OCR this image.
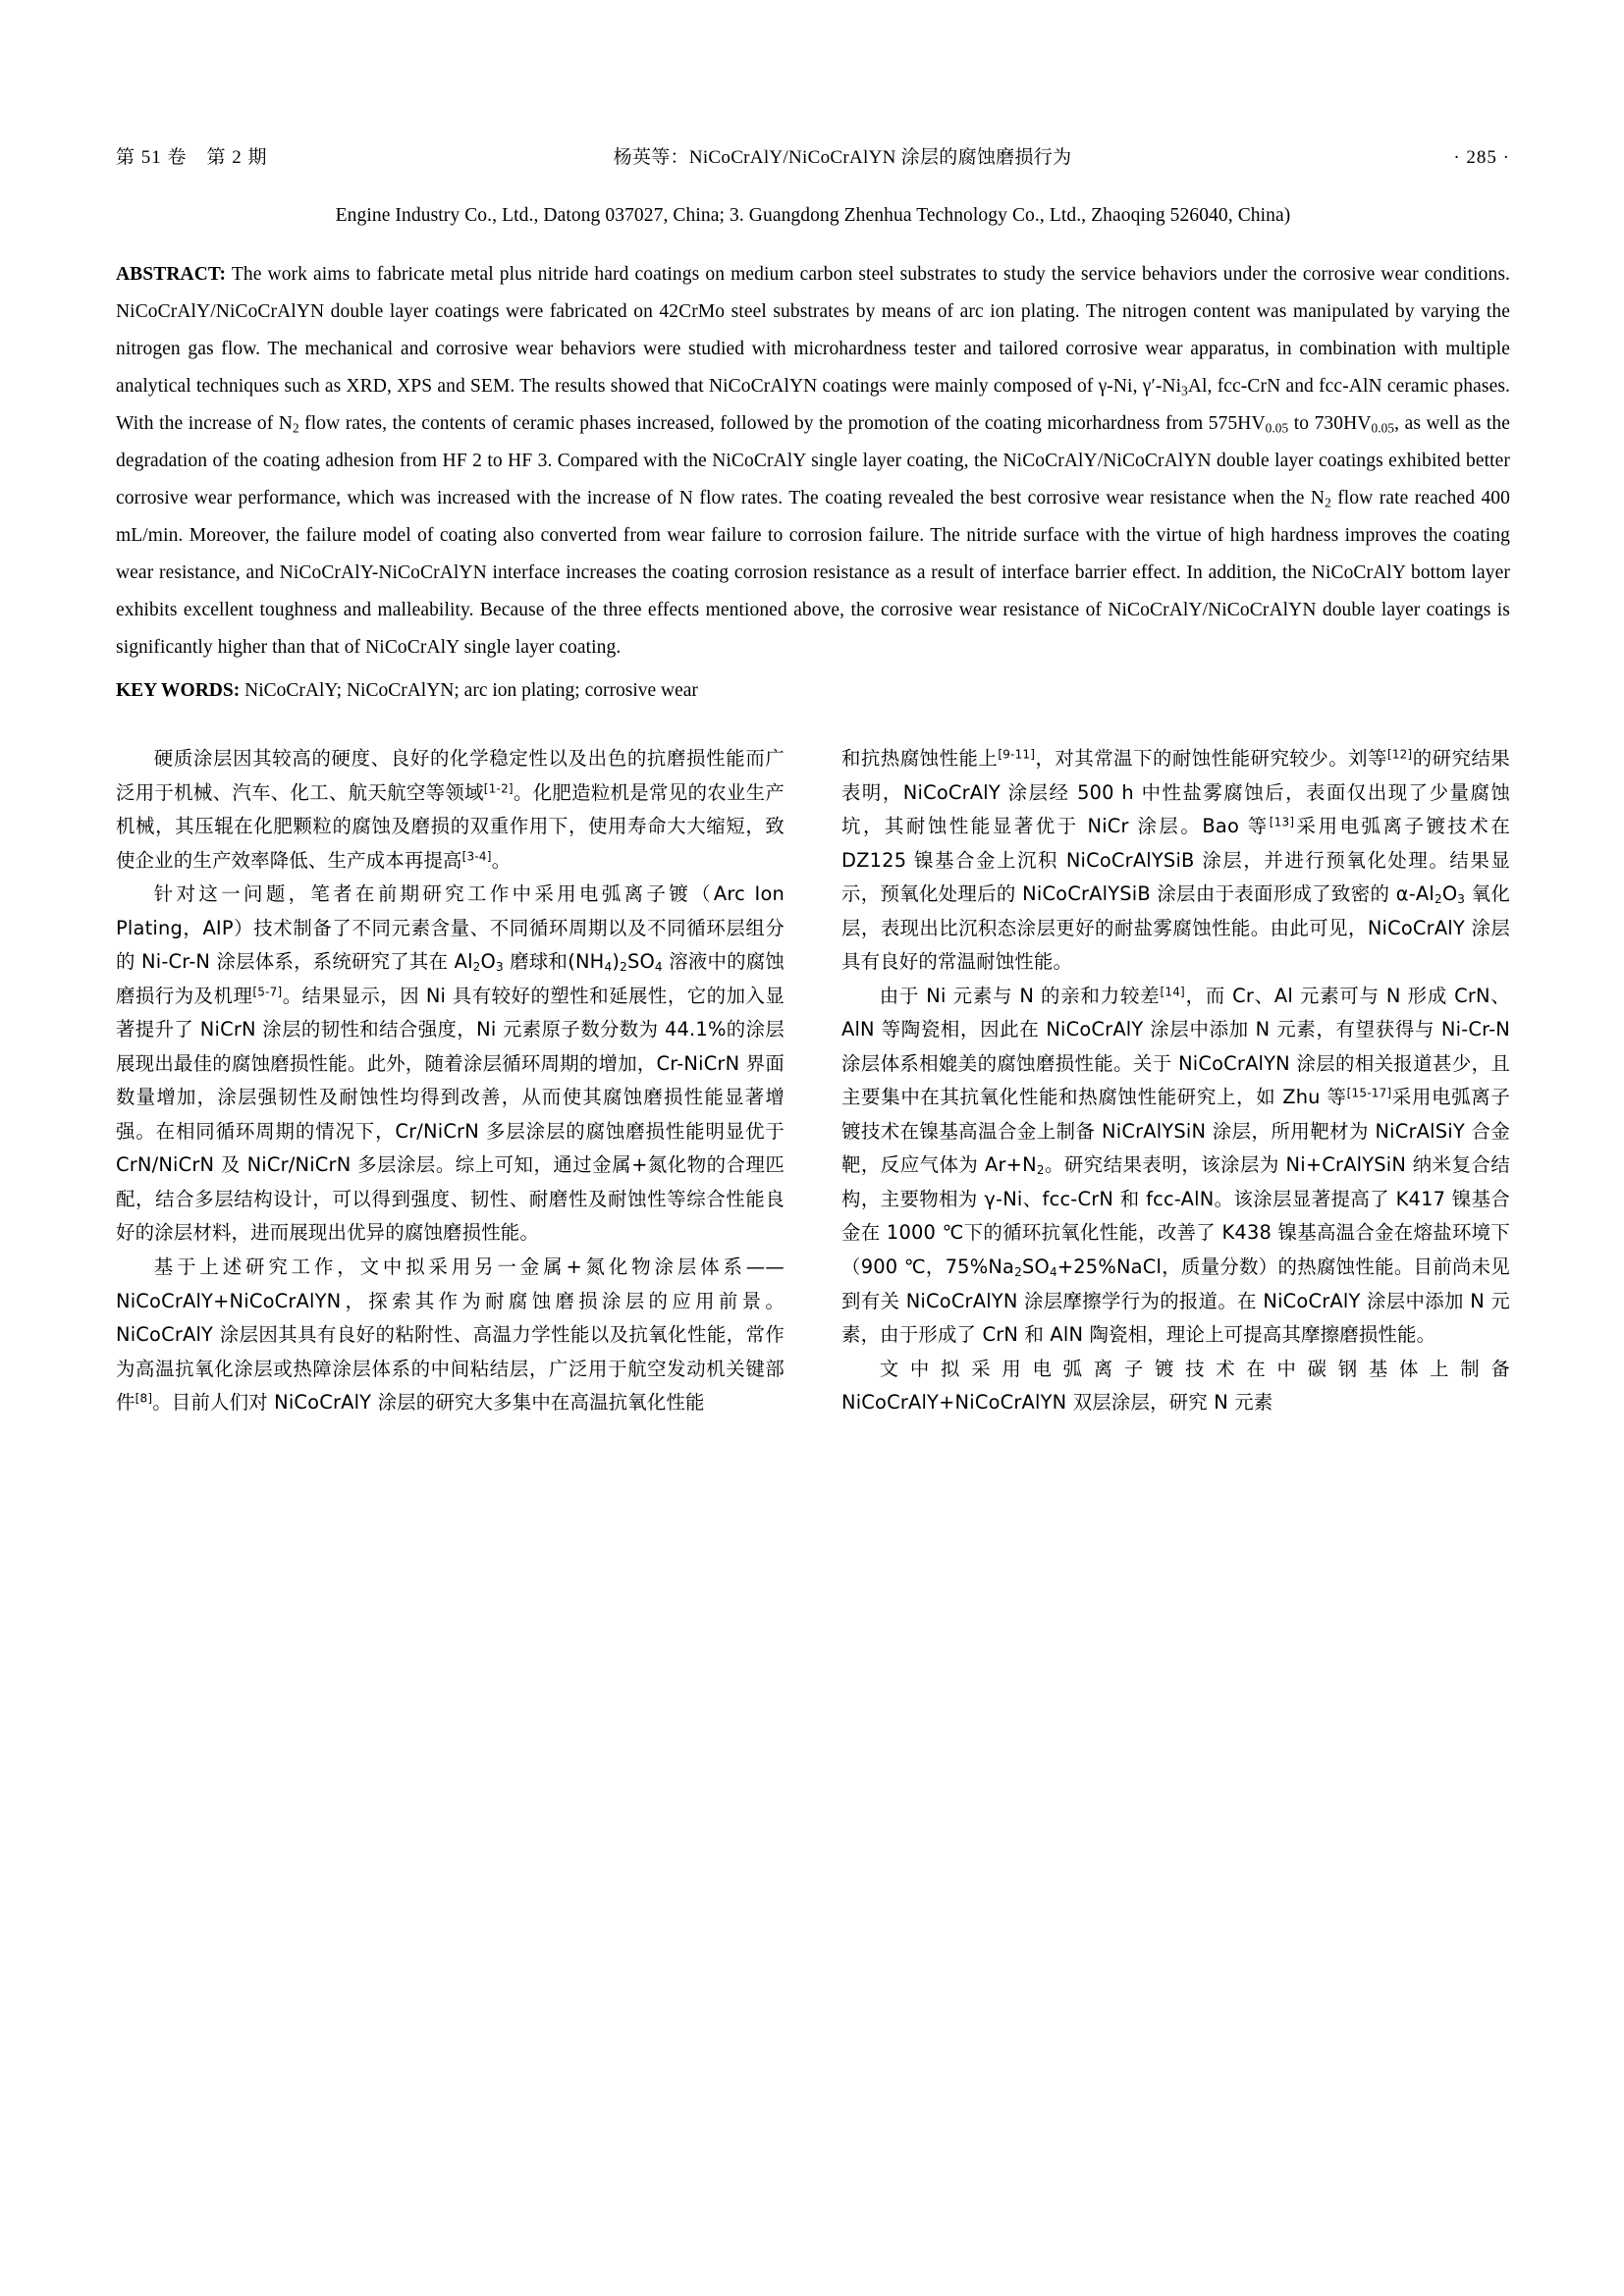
第 51 卷　第 2 期	杨英等：NiCoCrAlY/NiCoCrAlYN 涂层的腐蚀磨损行为	· 285 ·
Engine Industry Co., Ltd., Datong 037027, China; 3. Guangdong Zhenhua Technology Co., Ltd., Zhaoqing 526040, China)
ABSTRACT: The work aims to fabricate metal plus nitride hard coatings on medium carbon steel substrates to study the service behaviors under the corrosive wear conditions. NiCoCrAlY/NiCoCrAlYN double layer coatings were fabricated on 42CrMo steel substrates by means of arc ion plating. The nitrogen content was manipulated by varying the nitrogen gas flow. The mechanical and corrosive wear behaviors were studied with microhardness tester and tailored corrosive wear apparatus, in combination with multiple analytical techniques such as XRD, XPS and SEM. The results showed that NiCoCrAlYN coatings were mainly composed of γ-Ni, $\gamma'-Ni_3Al$, fcc-CrN and fcc-AlN ceramic phases. With the increase of $N_2$ flow rates, the contents of ceramic phases increased, followed by the promotion of the coating micorhardness from $575HV_{0.05}$ to $730HV_{0.05}$, as well as the degradation of the coating adhesion from HF 2 to HF 3. Compared with the NiCoCrAlY single layer coating, the NiCoCrAlY/NiCoCrAlYN double layer coatings exhibited better corrosive wear performance, which was increased with the increase of N flow rates. The coating revealed the best corrosive wear resistance when the $N_2$ flow rate reached 400 mL/min. Moreover, the failure model of coating also converted from wear failure to corrosion failure. The nitride surface with the virtue of high hardness improves the coating wear resistance, and NiCoCrAlY-NiCoCrAlYN interface increases the coating corrosion resistance as a result of interface barrier effect. In addition, the NiCoCrAlY bottom layer exhibits excellent toughness and malleability. Because of the three effects mentioned above, the corrosive wear resistance of NiCoCrAlY/NiCoCrAlYN double layer coatings is significantly higher than that of NiCoCrAlY single layer coating.
KEY WORDS: NiCoCrAlY; NiCoCrAlYN; arc ion plating; corrosive wear

硬质涂层因其较高的硬度、良好的化学稳定性以及出色的抗磨损性能而广泛用于机械、汽车、化工、航天航空等领域[1-2]。化肥造粒机是常见的农业生产机械，其压辊在化肥颗粒的腐蚀及磨损的双重作用下，使用寿命大大缩短，致使企业的生产效率降低、生产成本再提高[3-4]。

针对这一问题，笔者在前期研究工作中采用电弧离子镀（Arc Ion Plating，AIP）技术制备了不同元素含量、不同循环周期以及不同循环层组分的 Ni-Cr-N 涂层体系，系统研究了其在 $Al_2O_3$ 磨球和$(NH_4)_2SO_4$ 溶液中的腐蚀磨损行为及机理[5-7]。结果显示，因 Ni 具有较好的塑性和延展性，它的加入显著提升了 NiCrN 涂层的韧性和结合强度，Ni 元素原子数分数为 44.1%的涂层展现出最佳的腐蚀磨损性能。此外，随着涂层循环周期的增加，Cr-NiCrN 界面数量增加，涂层强韧性及耐蚀性均得到改善，从而使其腐蚀磨损性能显著增强。在相同循环周期的情况下，Cr/NiCrN 多层涂层的腐蚀磨损性能明显优于 CrN/NiCrN 及 NiCr/NiCrN 多层涂层。综上可知，通过金属+氮化物的合理匹配，结合多层结构设计，可以得到强度、韧性、耐磨性及耐蚀性等综合性能良好的涂层材料，进而展现出优异的腐蚀磨损性能。

基于上述研究工作，文中拟采用另一金属+氮化物涂层体系——NiCoCrAlY+NiCoCrAlYN，探索其作为耐腐蚀磨损涂层的应用前景。NiCoCrAlY 涂层因其具有良好的粘附性、高温力学性能以及抗氧化性能，常作为高温抗氧化涂层或热障涂层体系的中间粘结层，广泛用于航空发动机关键部件[8]。目前人们对 NiCoCrAlY 涂层的研究大多集中在高温抗氧化性能

和抗热腐蚀性能上[9-11]，对其常温下的耐蚀性能研究较少。刘等[12]的研究结果表明，NiCoCrAlY 涂层经 500 h 中性盐雾腐蚀后，表面仅出现了少量腐蚀坑，其耐蚀性能显著优于 NiCr 涂层。Bao 等[13]采用电弧离子镀技术在 DZ125 镍基合金上沉积 NiCoCrAlYSiB 涂层，并进行预氧化处理。结果显示，预氧化处理后的 NiCoCrAlYSiB 涂层由于表面形成了致密的 $\alpha-Al_2O_3$ 氧化层，表现出比沉积态涂层更好的耐盐雾腐蚀性能。由此可见，NiCoCrAlY 涂层具有良好的常温耐蚀性能。

由于 Ni 元素与 N 的亲和力较差[14]，而 Cr、Al 元素可与 N 形成 CrN、AlN 等陶瓷相，因此在 NiCoCrAlY 涂层中添加 N 元素，有望获得与 Ni-Cr-N 涂层体系相媲美的腐蚀磨损性能。关于 NiCoCrAlYN 涂层的相关报道甚少，且主要集中在其抗氧化性能和热腐蚀性能研究上，如 Zhu 等[15-17]采用电弧离子镀技术在镍基高温合金上制备 NiCrAlYSiN 涂层，所用靶材为 NiCrAlSiY 合金靶，反应气体为 $Ar+N_2$。研究结果表明，该涂层为 Ni+CrAlYSiN 纳米复合结构，主要物相为 γ-Ni、fcc-CrN 和 fcc-AlN。该涂层显著提高了 K417 镍基合金在 1000 ℃下的循环抗氧化性能，改善了 K438 镍基高温合金在熔盐环境下（900 ℃，$75\%Na_2SO_4+25\%NaCl$，质量分数）的热腐蚀性能。目前尚未见到有关 NiCoCrAlYN 涂层摩擦学行为的报道。在 NiCoCrAlY 涂层中添加 N 元素，由于形成了 CrN 和 AlN 陶瓷相，理论上可提高其摩擦磨损性能。

文中拟采用电弧离子镀技术在中碳钢基体上制备 NiCoCrAlY+NiCoCrAlYN 双层涂层，研究 N 元素
